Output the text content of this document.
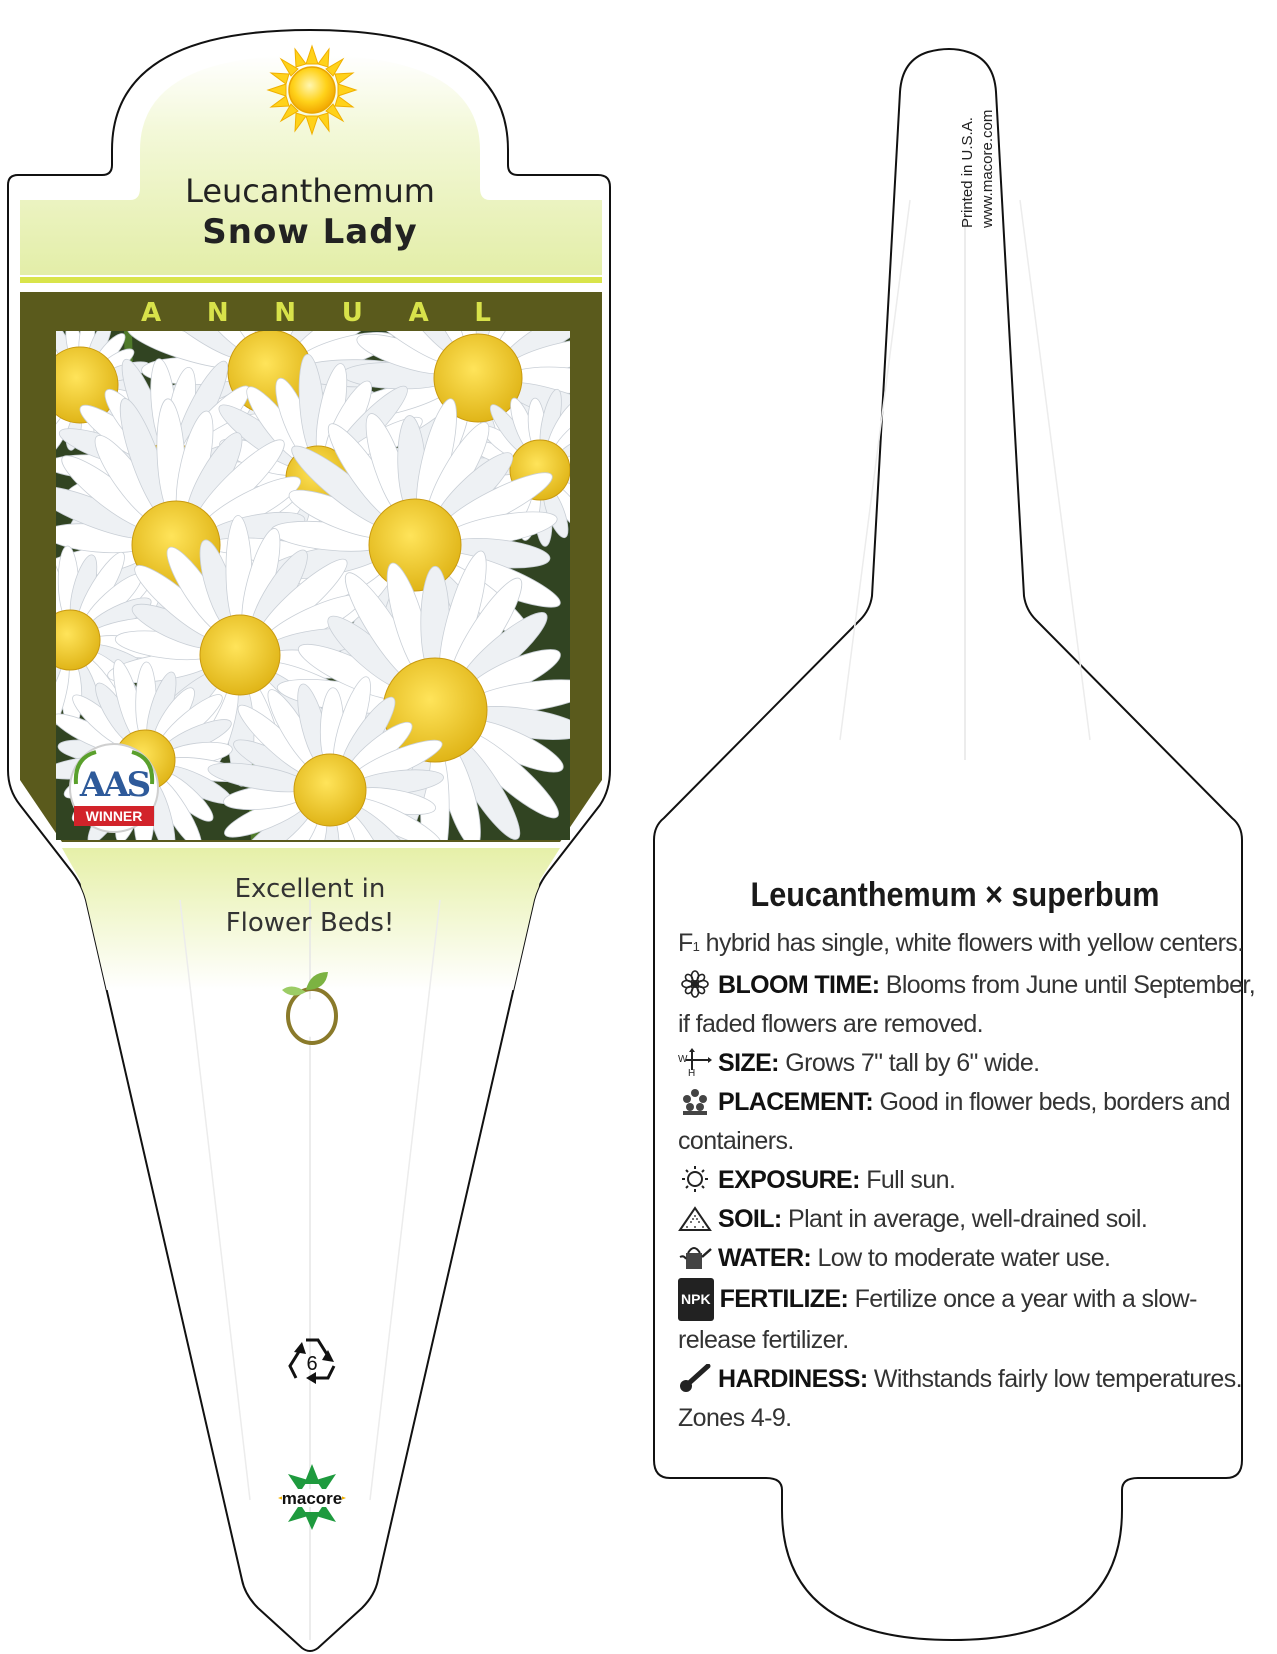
AAS
WINNER
6
macore
Leucanthemum
Snow Lady
A N N U A L
Excellent in
Flower Beds!
Printed in U.S.A. www.macore.com
Leucanthemum × superbum

F1 hybrid has single, white flowers with yellow centers.

BLOOM TIME: Blooms from June until September, if faded flowers are removed.

W
H SIZE: Grows 7" tall by 6" wide.

PLACEMENT: Good in flower beds, borders and containers.

EXPOSURE: Full sun.

SOIL: Plant in average, well-drained soil.

WATER: Low to moderate water use.

NPK FERTILIZE: Fertilize once a year with a slow-release fertilizer.

HARDINESS: Withstands fairly low temperatures. Zones 4-9.
